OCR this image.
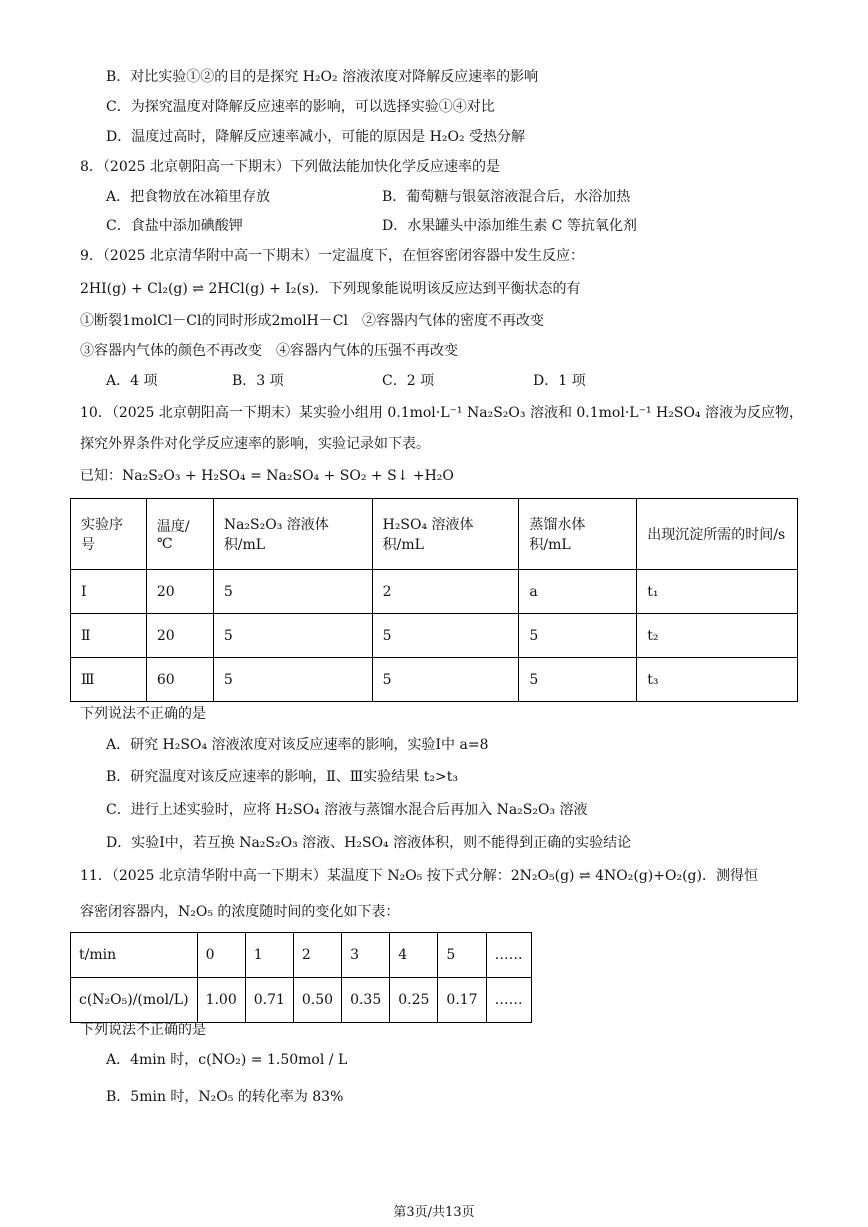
B．对比实验①②的目的是探究 H₂O₂ 溶液浓度对降解反应速率的影响
C．为探究温度对降解反应速率的影响，可以选择实验①④对比
D．温度过高时，降解反应速率减小，可能的原因是 H₂O₂ 受热分解
8．（2025 北京朝阳高一下期末）下列做法能加快化学反应速率的是
A．把食物放在冰箱里存放	B．葡萄糖与银氨溶液混合后，水浴加热
C．食盐中添加碘酸钾	D．水果罐头中添加维生素 C 等抗氧化剂
9．（2025 北京清华附中高一下期末）一定温度下，在恒容密闭容器中发生反应：
2HI(g) + Cl₂(g) ⇌ 2HCl(g) + I₂(s)．下列现象能说明该反应达到平衡状态的有
①断裂1molCl－Cl的同时形成2molH－Cl　②容器内气体的密度不再改变
③容器内气体的颜色不再改变　④容器内气体的压强不再改变
A．4 项	B．3 项	C．2 项	D．1 项
10．（2025 北京朝阳高一下期末）某实验小组用 0.1mol·L⁻¹ Na₂S₂O₃ 溶液和 0.1mol·L⁻¹ H₂SO₄ 溶液为反应物，
探究外界条件对化学反应速率的影响，实验记录如下表。
已知：Na₂S₂O₃ + H₂SO₄ = Na₂SO₄ + SO₂ + S↓ +H₂O
实验序号	温度/℃	Na₂S₂O₃ 溶液体积/mL	H₂SO₄ 溶液体积/mL	蒸馏水体积/mL	出现沉淀所需的时间/s
Ⅰ	20	5	2	a	t₁
Ⅱ	20	5	5	5	t₂
Ⅲ	60	5	5	5	t₃
下列说法不正确的是
A．研究 H₂SO₄ 溶液浓度对该反应速率的影响，实验Ⅰ中 a=8
B．研究温度对该反应速率的影响，Ⅱ、Ⅲ实验结果 t₂>t₃
C．进行上述实验时，应将 H₂SO₄ 溶液与蒸馏水混合后再加入 Na₂S₂O₃ 溶液
D．实验Ⅰ中，若互换 Na₂S₂O₃ 溶液、H₂SO₄ 溶液体积，则不能得到正确的实验结论
11．（2025 北京清华附中高一下期末）某温度下 N₂O₅ 按下式分解：2N₂O₅(g) ⇌ 4NO₂(g)+O₂(g)．测得恒
容密闭容器内，N₂O₅ 的浓度随时间的变化如下表：
t/min	0	1	2	3	4	5	……
c(N₂O₅)/(mol/L)	1.00	0.71	0.50	0.35	0.25	0.17	……
下列说法不正确的是
A．4min 时，c(NO₂) = 1.50mol / L
B．5min 时，N₂O₅ 的转化率为 83%
第3页/共13页
